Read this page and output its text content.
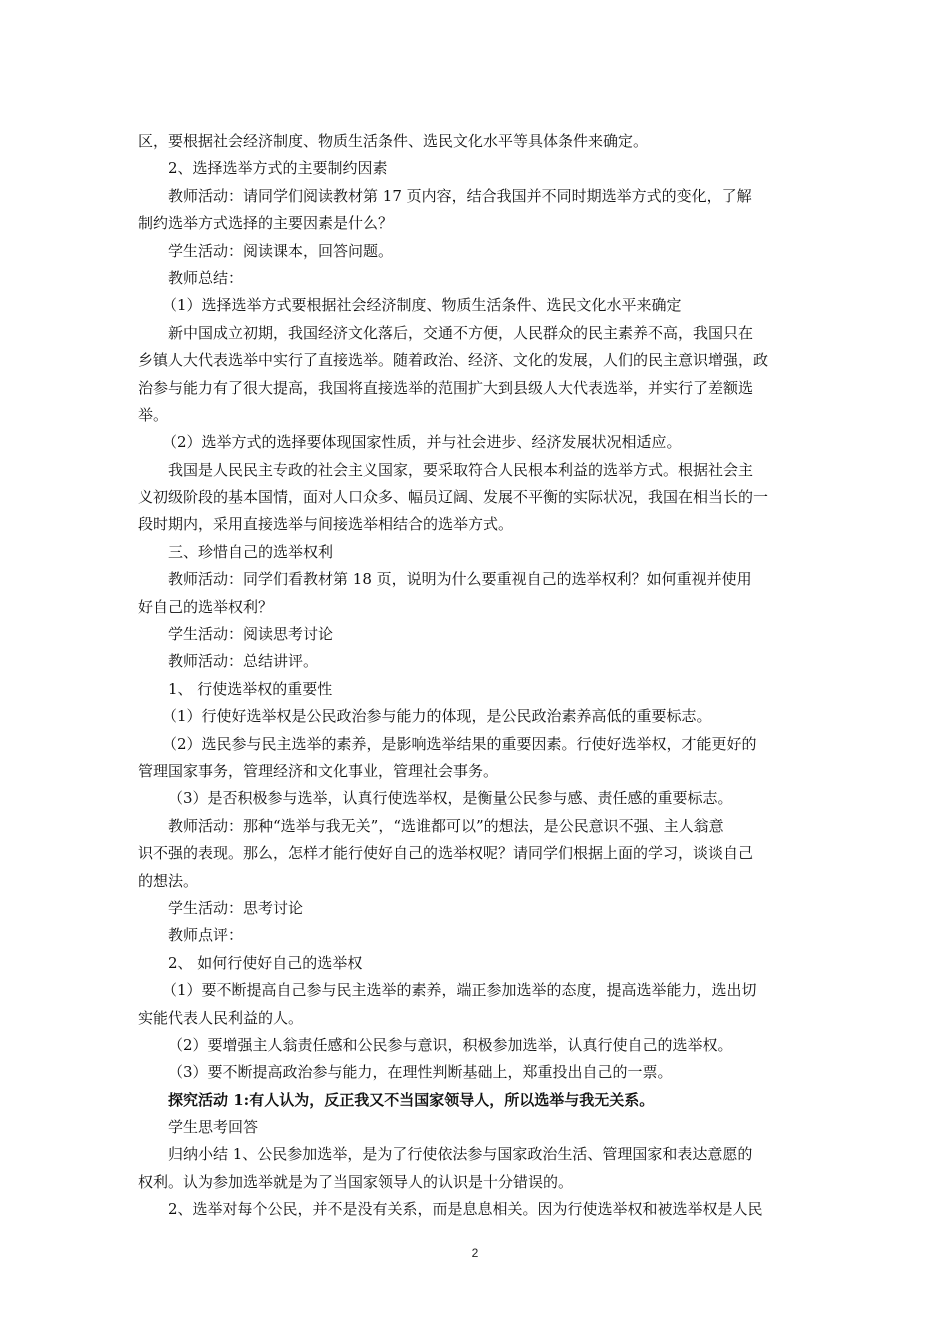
区，要根据社会经济制度、物质生活条件、选民文化水平等具体条件来确定。
2、选择选举方式的主要制约因素
教师活动：请同学们阅读教材第 17 页内容，结合我国并不同时期选举方式的变化，了解
制约选举方式选择的主要因素是什么？
学生活动：阅读课本，回答问题。
教师总结：
（1）选择选举方式要根据社会经济制度、物质生活条件、选民文化水平来确定
新中国成立初期，我国经济文化落后，交通不方便，人民群众的民主素养不高，我国只在
乡镇人大代表选举中实行了直接选举。随着政治、经济、文化的发展，人们的民主意识增强，政
治参与能力有了很大提高，我国将直接选举的范围扩大到县级人大代表选举，并实行了差额选
举。
（2）选举方式的选择要体现国家性质，并与社会进步、经济发展状况相适应。
我国是人民民主专政的社会主义国家，要采取符合人民根本利益的选举方式。根据社会主
义初级阶段的基本国情，面对人口众多、幅员辽阔、发展不平衡的实际状况，我国在相当长的一
段时期内，采用直接选举与间接选举相结合的选举方式。
三、珍惜自己的选举权利
教师活动：同学们看教材第 18 页，说明为什么要重视自己的选举权利？如何重视并使用
好自己的选举权利？
学生活动：阅读思考讨论
教师活动：总结讲评。
1、 行使选举权的重要性
（1）行使好选举权是公民政治参与能力的体现，是公民政治素养高低的重要标志。
（2）选民参与民主选举的素养，是影响选举结果的重要因素。行使好选举权，才能更好的
管理国家事务，管理经济和文化事业，管理社会事务。
（3）是否积极参与选举，认真行使选举权，是衡量公民参与感、责任感的重要标志。
教师活动：那种“选举与我无关”，“选谁都可以”的想法，是公民意识不强、主人翁意
识不强的表现。那么，怎样才能行使好自己的选举权呢？请同学们根据上面的学习，谈谈自己
的想法。
学生活动：思考讨论
教师点评：
2、 如何行使好自己的选举权
（1）要不断提高自己参与民主选举的素养，端正参加选举的态度，提高选举能力，选出切
实能代表人民利益的人。
（2）要增强主人翁责任感和公民参与意识，积极参加选举，认真行使自己的选举权。
（3）要不断提高政治参与能力，在理性判断基础上，郑重投出自己的一票。
探究活动 1:有人认为，反正我又不当国家领导人，所以选举与我无关系。
学生思考回答
归纳小结 1、公民参加选举，是为了行使依法参与国家政治生活、管理国家和表达意愿的
权利。认为参加选举就是为了当国家领导人的认识是十分错误的。
2、选举对每个公民，并不是没有关系，而是息息相关。因为行使选举权和被选举权是人民
2
